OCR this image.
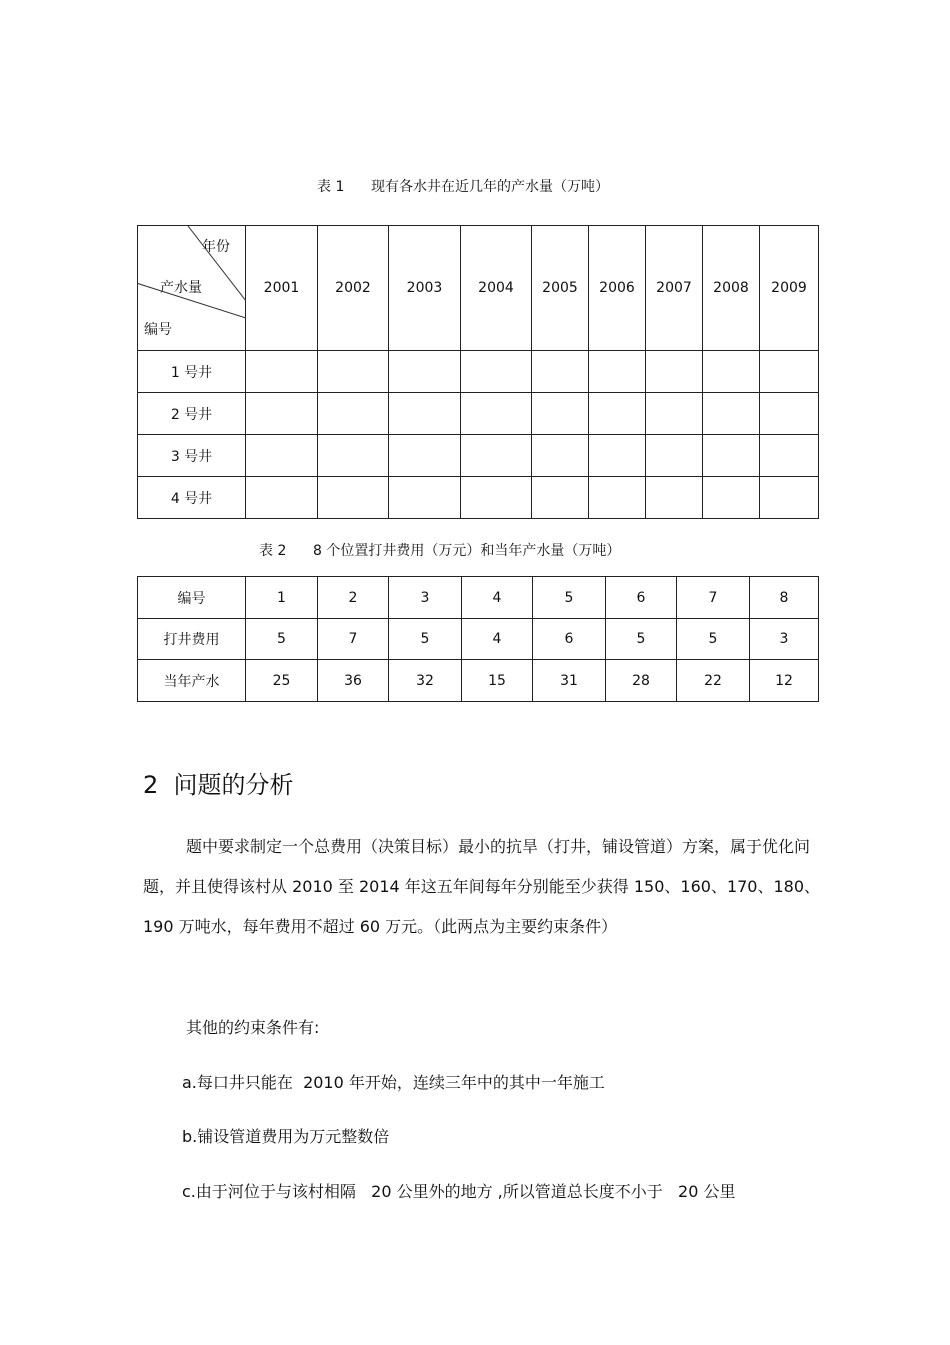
表 1      现有各水井在近几年的产水量（万吨）
年份
产水量
编号	2001	2002	2003	2004	2005	2006	2007	2008	2009
1 号井									
2 号井									
3 号井									
4 号井									
表 2      8 个位置打井费用（万元）和当年产水量（万吨）
编号	1	2	3	4	5	6	7	8
打井费用	5	7	5	4	6	5	5	3
当年产水	25	36	32	15	31	28	22	12
2  问题的分析

题中要求制定一个总费用（决策目标）最小的抗旱（打井，铺设管道）方案，属于优化问题，并且使得该村从 2010 至 2014 年这五年间每年分别能至少获得 150、160、170、180、190 万吨水，每年费用不超过 60 万元。（此两点为主要约束条件）

其他的约束条件有:
a.每口井只能在  2010 年开始，连续三年中的其中一年施工
b.铺设管道费用为万元整数倍
c.由于河位于与该村相隔   20 公里外的地方 ,所以管道总长度不小于   20 公里
